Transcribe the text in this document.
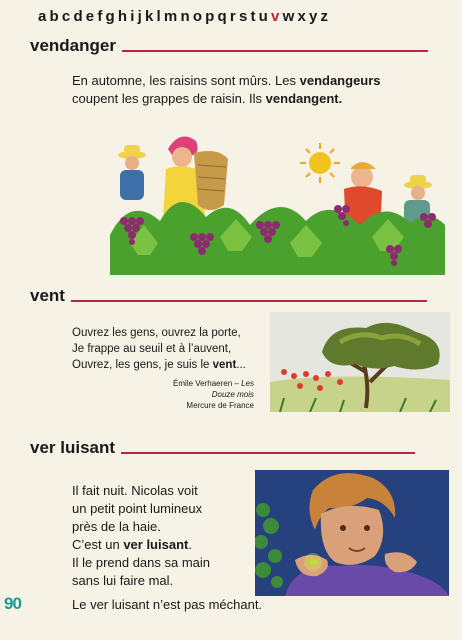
abcdefghijklmnopqrstuvwxyz
vendanger
En automne, les raisins sont mûrs. Les vendangeurs
coupent les grappes de raisin. Ils vendangent.
vent
Ouvrez les gens, ouvrez la porte,
Je frappe au seuil et à l’auvent,
Ouvrez, les gens, je suis le vent...
Émile Verhaeren – Les Douze mois
Mercure de France
ver luisant
Il fait nuit. Nicolas voit
un petit point lumineux
près de la haie.
C’est un ver luisant.
Il le prend dans sa main
sans lui faire mal.
Le ver luisant n’est pas méchant.
90
